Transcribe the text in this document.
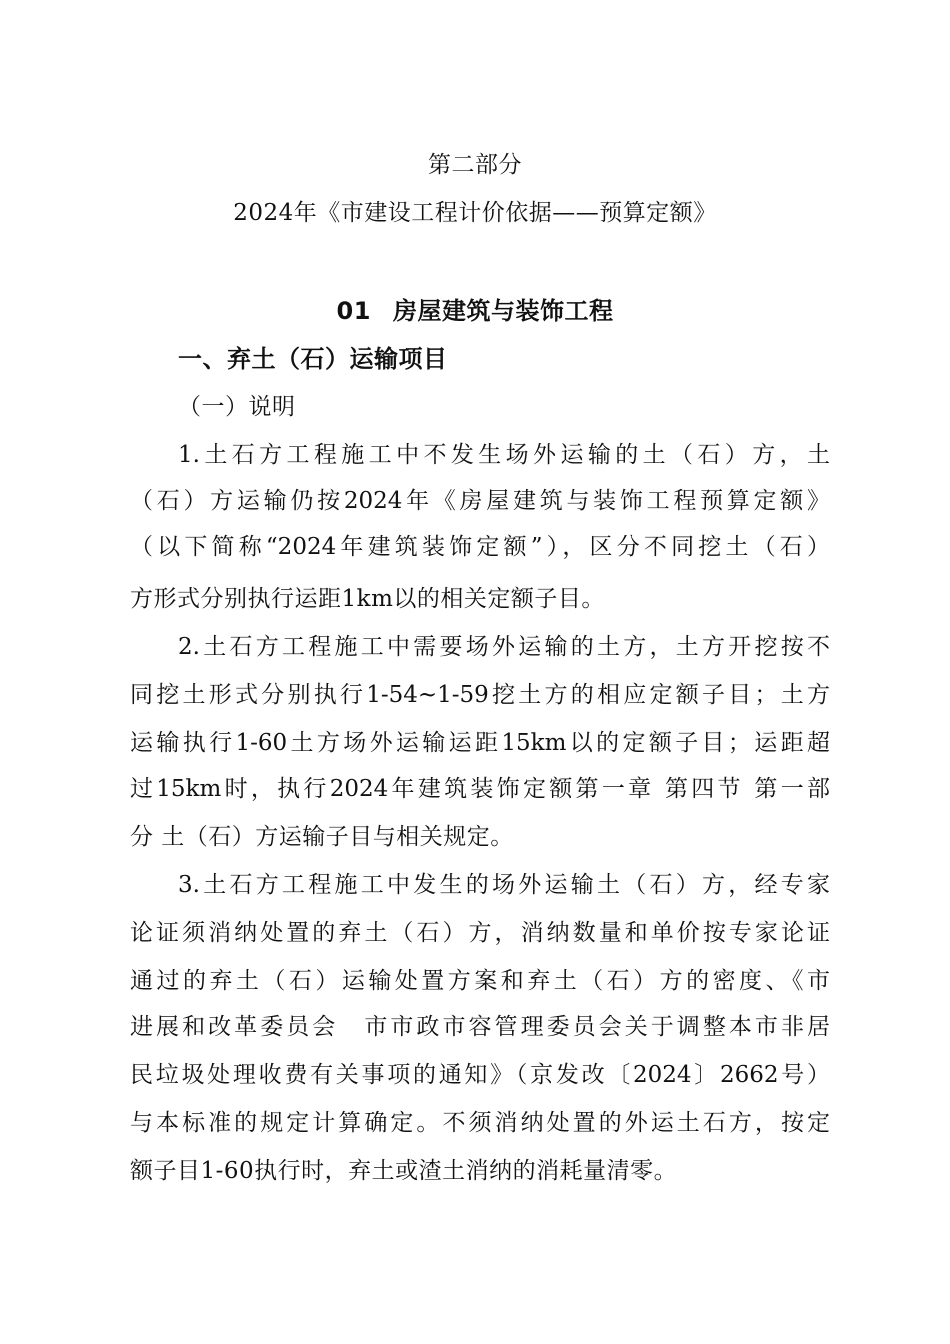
第二部分
2024年《市建设工程计价依据——预算定额》
01 房屋建筑与装饰工程
一、弃土（石）运输项目
（一）说明
1.土石方工程施工中不发生场外运输的土（石）方，土
（石）方运输仍按2024年《房屋建筑与装饰工程预算定额》
（以下简称“2024年建筑装饰定额”），区分不同挖土（石）
方形式分别执行运距1km以的相关定额子目。
2.土石方工程施工中需要场外运输的土方，土方开挖按不
同挖土形式分别执行1-54~1-59挖土方的相应定额子目；土方
运输执行1-60土方场外运输运距15km以的定额子目；运距超
过15km时，执行2024年建筑装饰定额第一章 第四节 第一部
分 土（石）方运输子目与相关规定。
3.土石方工程施工中发生的场外运输土（石）方，经专家
论证须消纳处置的弃土（石）方，消纳数量和单价按专家论证
通过的弃土（石）运输处置方案和弃土（石）方的密度、《市
进展和改革委员会　市市政市容管理委员会关于调整本市非居
民垃圾处理收费有关事项的通知》（京发改〔2024〕2662号）
与本标准的规定计算确定。不须消纳处置的外运土石方，按定
额子目1-60执行时，弃土或渣土消纳的消耗量清零。
